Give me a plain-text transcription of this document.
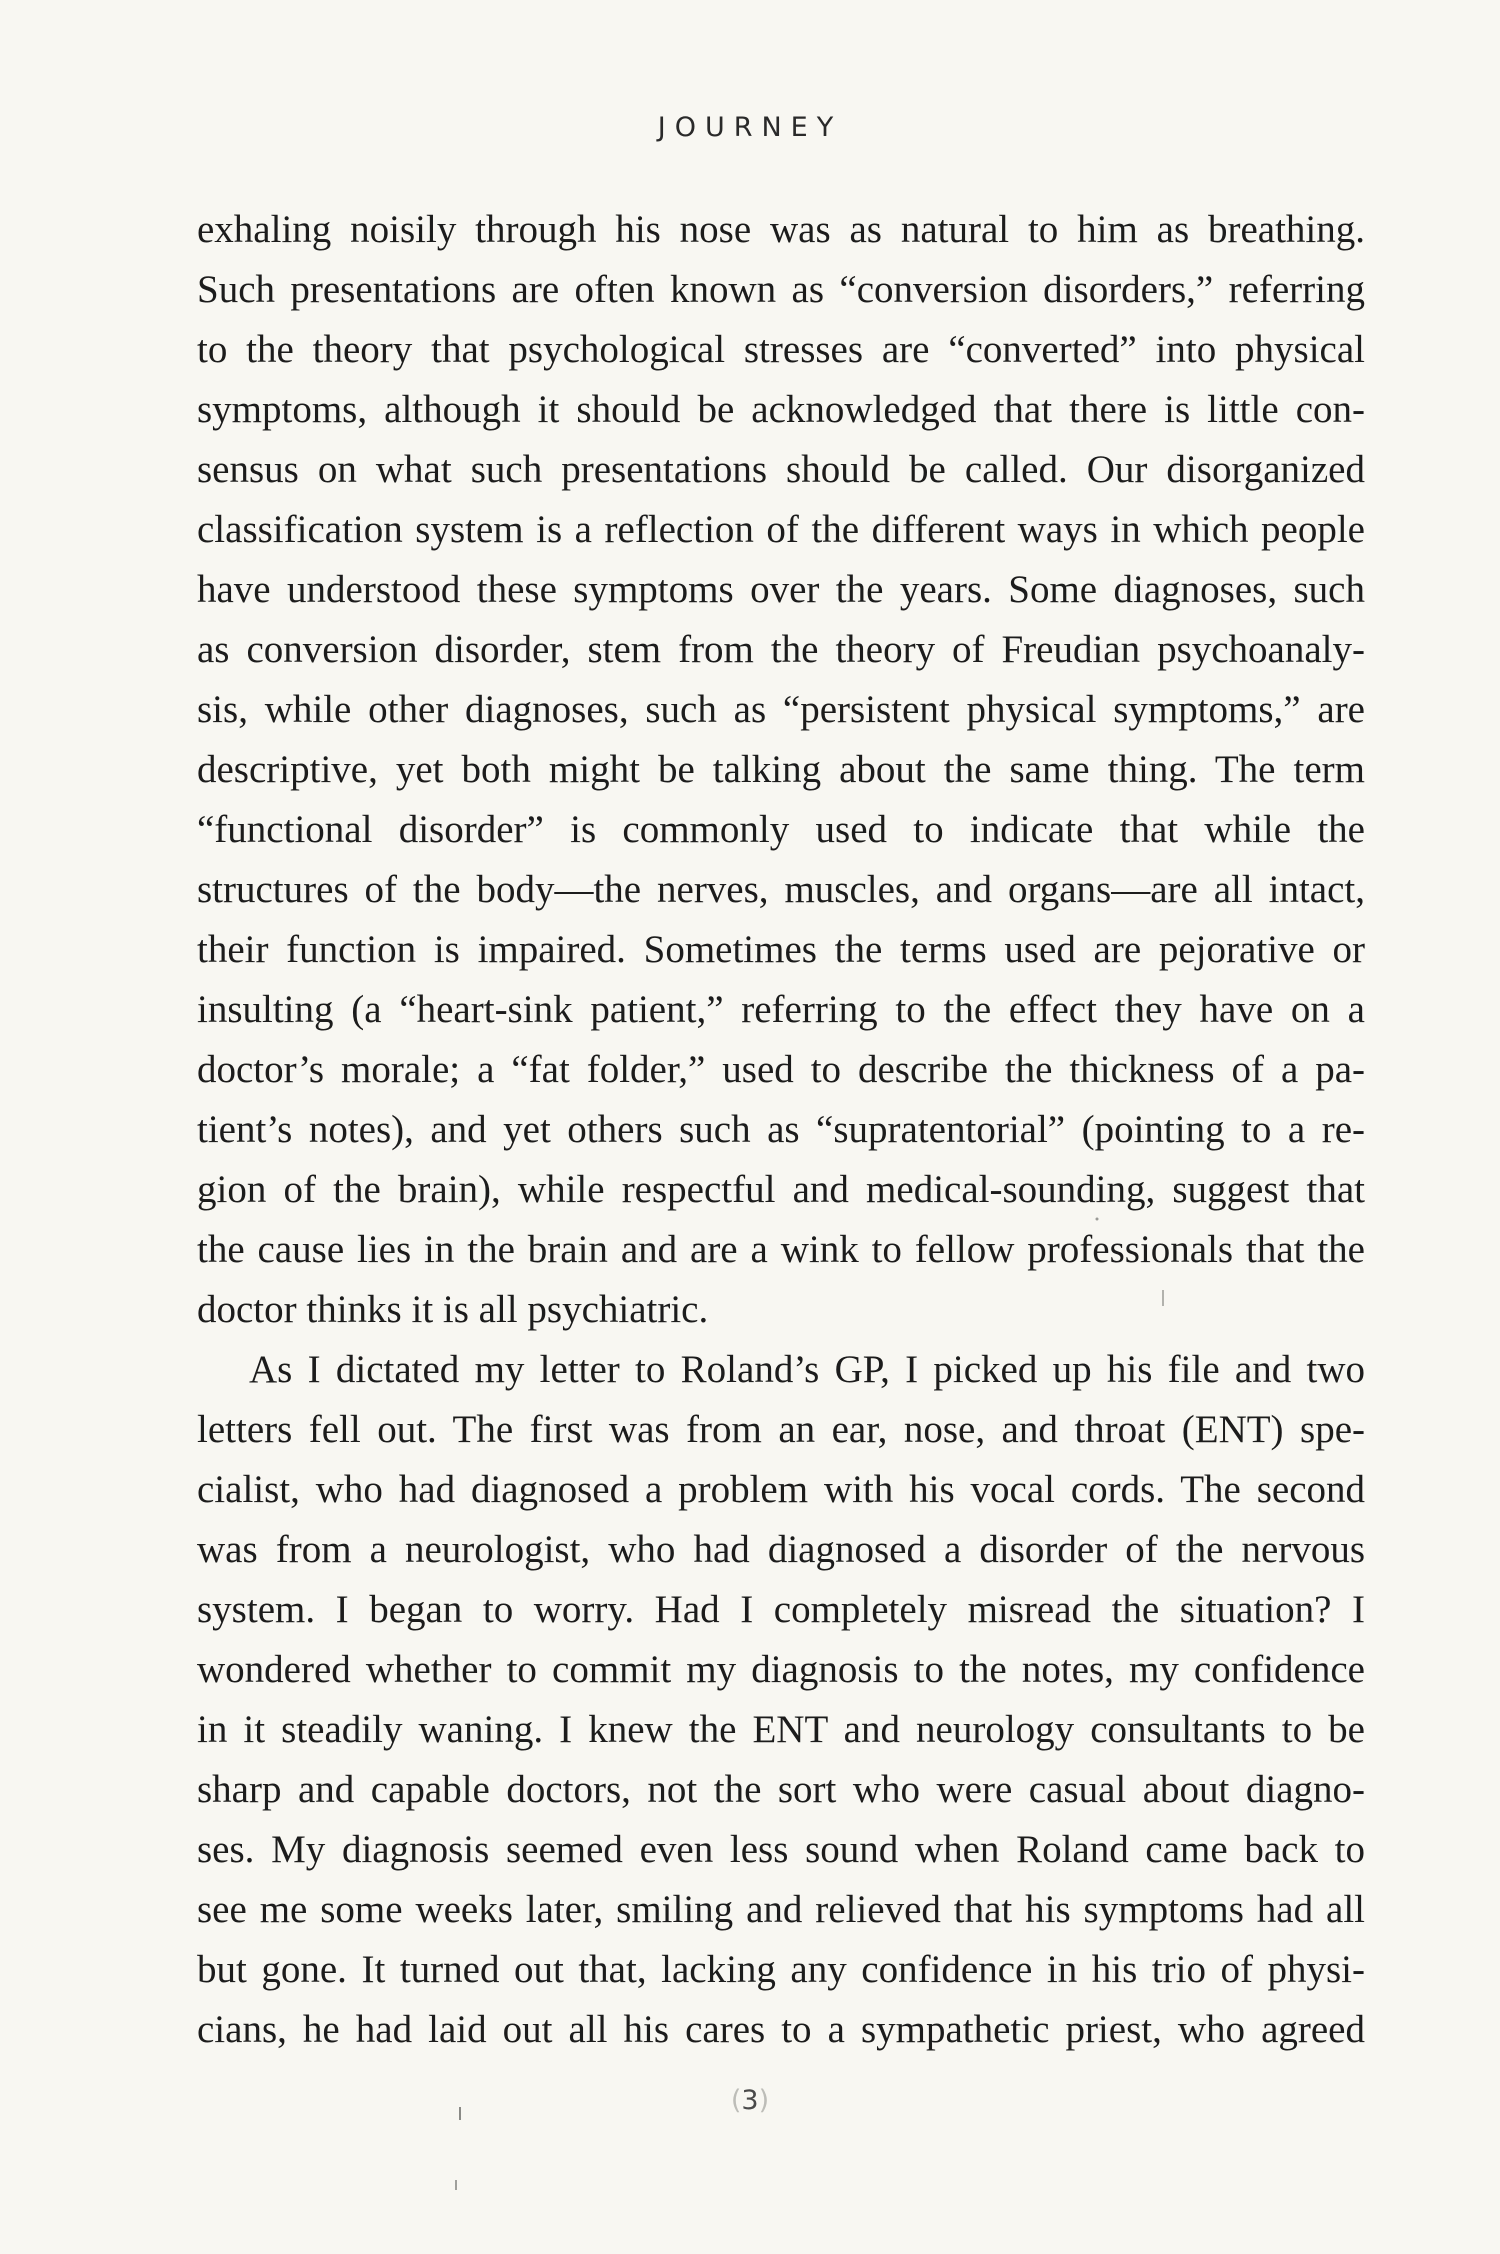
JOURNEY
exhaling noisily through his nose was as natural to him as breathing.
Such presentations are often known as “conversion disorders,” referring
to the theory that psychological stresses are “converted” into physical
symptoms, although it should be acknowledged that there is little con-
sensus on what such presentations should be called. Our disorganized
classification system is a reflection of the different ways in which people
have understood these symptoms over the years. Some diagnoses, such
as conversion disorder, stem from the theory of Freudian psychoanaly-
sis, while other diagnoses, such as “persistent physical symptoms,” are
descriptive, yet both might be talking about the same thing. The term
“functional disorder” is commonly used to indicate that while the
structures of the body—the nerves, muscles, and organs—are all intact,
their function is impaired. Sometimes the terms used are pejorative or
insulting (a “heart-sink patient,” referring to the effect they have on a
doctor’s morale; a “fat folder,” used to describe the thickness of a pa-
tient’s notes), and yet others such as “supratentorial” (pointing to a re-
gion of the brain), while respectful and medical-sounding, suggest that
the cause lies in the brain and are a wink to fellow professionals that the
doctor thinks it is all psychiatric.
As I dictated my letter to Roland’s GP, I picked up his file and two
letters fell out. The first was from an ear, nose, and throat (ENT) spe-
cialist, who had diagnosed a problem with his vocal cords. The second
was from a neurologist, who had diagnosed a disorder of the nervous
system. I began to worry. Had I completely misread the situation? I
wondered whether to commit my diagnosis to the notes, my confidence
in it steadily waning. I knew the ENT and neurology consultants to be
sharp and capable doctors, not the sort who were casual about diagno-
ses. My diagnosis seemed even less sound when Roland came back to
see me some weeks later, smiling and relieved that his symptoms had all
but gone. It turned out that, lacking any confidence in his trio of physi-
cians, he had laid out all his cares to a sympathetic priest, who agreed
(3)
